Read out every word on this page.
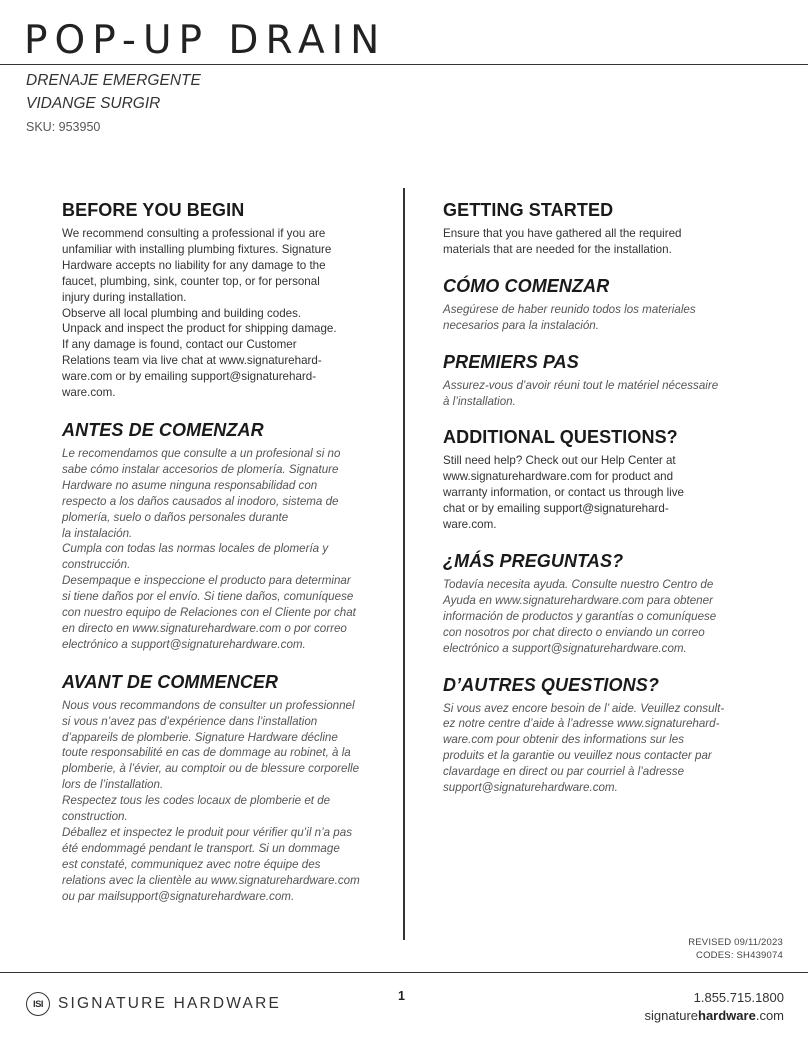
POP-UP DRAIN
DRENAJE EMERGENTE
VIDANGE SURGIR
SKU: 953950
BEFORE YOU BEGIN

We recommend consulting a professional if you are
unfamiliar with installing plumbing fixtures. Signature
Hardware accepts no liability for any damage to the
faucet, plumbing, sink, counter top, or for personal
injury during installation.
Observe all local plumbing and building codes.
Unpack and inspect the product for shipping damage.
If any damage is found, contact our Customer
Relations team via live chat at www.signaturehard-
ware.com or by emailing support@signaturehard-
ware.com.

ANTES DE COMENZAR

Le recomendamos que consulte a un profesional si no
sabe cómo instalar accesorios de plomería. Signature
Hardware no asume ninguna responsabilidad con
respecto a los daños causados al inodoro, sistema de
plomería, suelo o daños personales durante
la instalación.
Cumpla con todas las normas locales de plomería y
construcción.
Desempaque e inspeccione el producto para determinar
si tiene daños por el envío. Si tiene daños, comuníquese
con nuestro equipo de Relaciones con el Cliente por chat
en directo en www.signaturehardware.com o por correo
electrónico a support@signaturehardware.com.

AVANT DE COMMENCER

Nous vous recommandons de consulter un professionnel
si vous n’avez pas d’expérience dans l’installation
d’appareils de plomberie. Signature Hardware décline
toute responsabilité en cas de dommage au robinet, à la
plomberie, à l’évier, au comptoir ou de blessure corporelle
lors de l’installation.
Respectez tous les codes locaux de plomberie et de
construction.
Déballez et inspectez le produit pour vérifier qu’il n’a pas
été endommagé pendant le transport. Si un dommage
est constaté, communiquez avec notre équipe des
relations avec la clientèle au www.signaturehardware.com
ou par mailsupport@signaturehardware.com.

GETTING STARTED

Ensure that you have gathered all the required
materials that are needed for the installation.

CÓMO COMENZAR

Asegúrese de haber reunido todos los materiales
necesarios para la instalación.

PREMIERS PAS

Assurez-vous d’avoir réuni tout le matériel nécessaire
à l’installation.

ADDITIONAL QUESTIONS?

Still need help? Check out our Help Center at
www.signaturehardware.com for product and
warranty information, or contact us through live
chat or by emailing support@signaturehard-
ware.com.

¿MÁS PREGUNTAS?

Todavía necesita ayuda. Consulte nuestro Centro de
Ayuda en www.signaturehardware.com para obtener
información de productos y garantías o comuníquese
con nosotros por chat directo o enviando un correo
electrónico a support@signaturehardware.com.

D’AUTRES QUESTIONS?

Si vous avez encore besoin de l’ aide. Veuillez consult-
ez notre centre d’aide à l’adresse www.signaturehard-
ware.com pour obtenir des informations sur les
produits et la garantie ou veuillez nous contacter par
clavardage en direct ou par courriel à l’adresse
support@signaturehardware.com.

REVISED 09/11/2023
CODES: SH439074
ISI SIGNATURE HARDWARE	1	1.855.715.1800
signaturehardware.com
